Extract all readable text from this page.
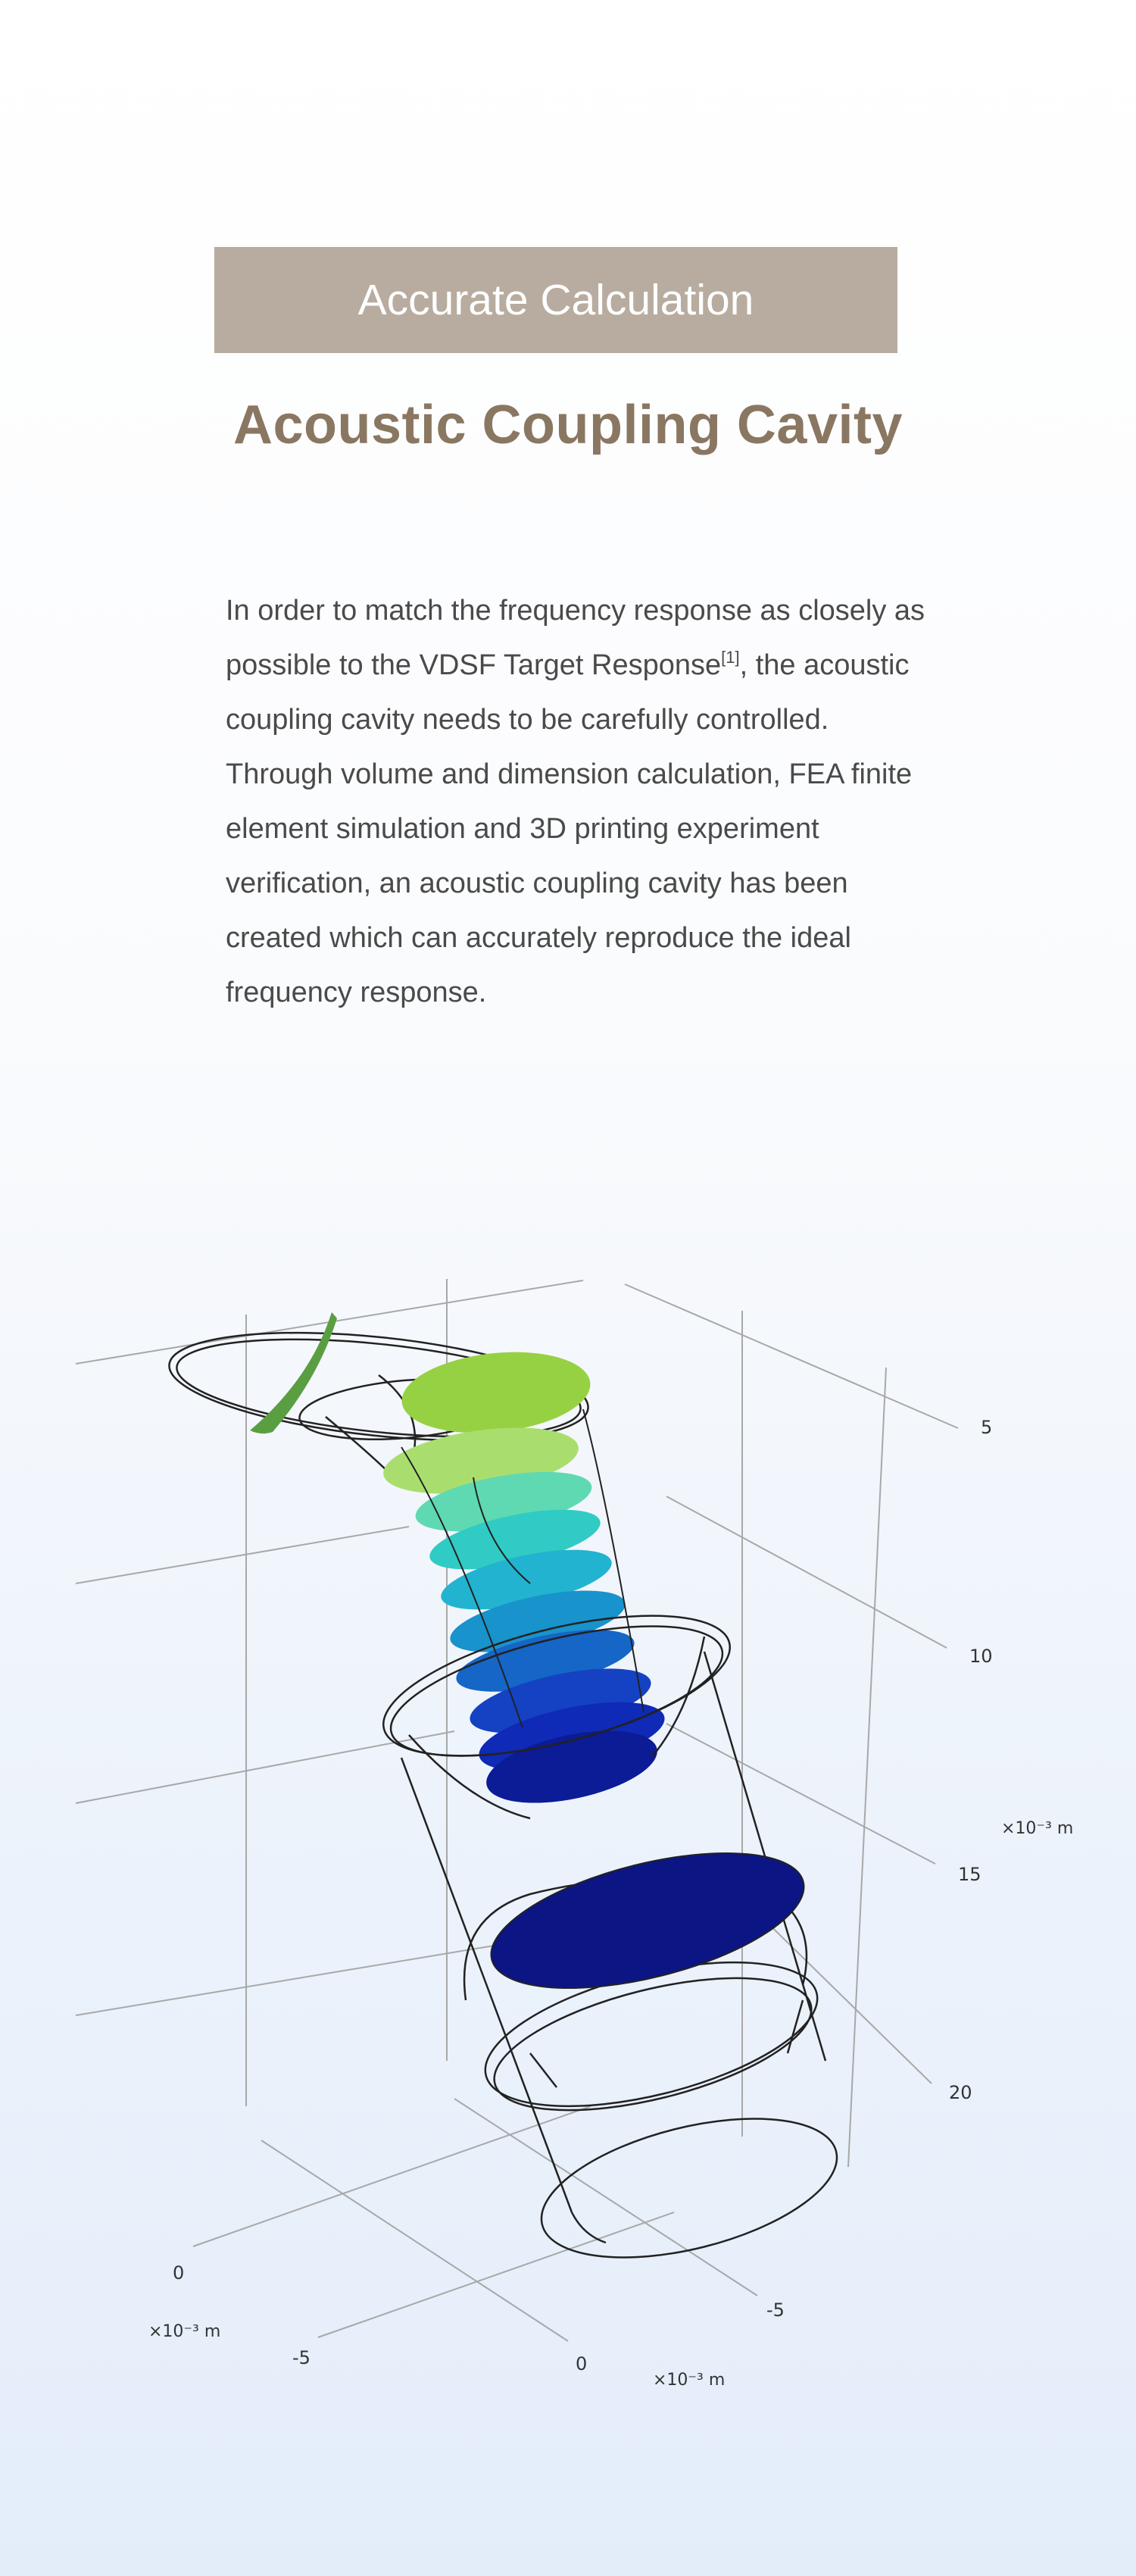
Accurate Calculation
Acoustic Coupling Cavity
In order to match the frequency response as closely as possible to the VDSF Target Response[1], the acoustic coupling cavity needs to be carefully controlled. Through volume and dimension calculation, FEA finite element simulation and 3D printing experiment verification, an acoustic coupling cavity has been created which can accurately reproduce the ideal frequency response.
5
10
15
20
×10⁻³ m
0
×10⁻³ m
-5
-5
0
×10⁻³ m
